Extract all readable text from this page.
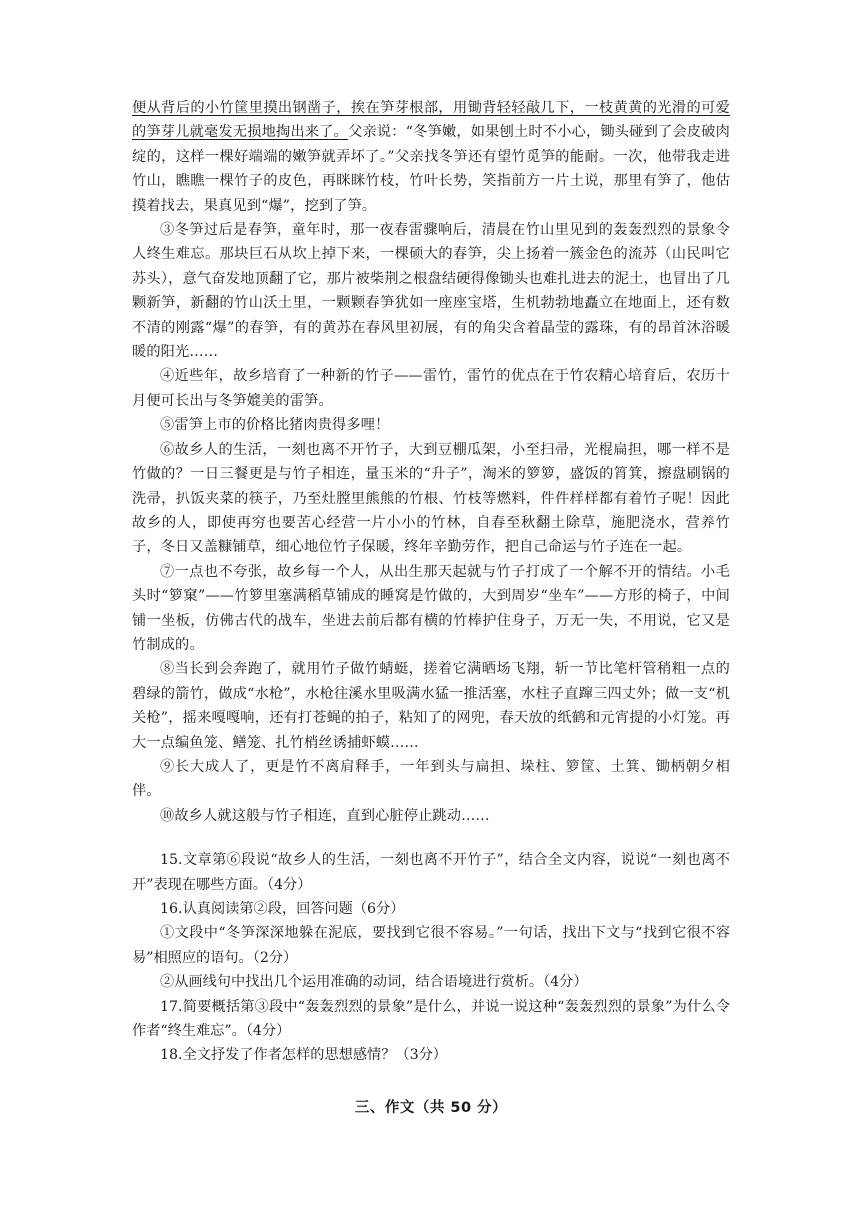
便从背后的小竹筐里摸出钢凿子，挨在笋芽根部，用锄背轻轻敲几下，一枝黄黄的光滑的可爱的笋芽儿就毫发无损地掏出来了。父亲说：“冬笋嫩，如果刨土时不小心，锄头碰到了会皮破肉绽的，这样一棵好端端的嫩笋就弄坏了。”父亲找冬笋还有望竹觅笋的能耐。一次，他带我走进竹山，瞧瞧一棵竹子的皮色，再眯眯竹枝，竹叶长势，笑指前方一片土说，那里有笋了，他估摸着找去，果真见到“爆”，挖到了笋。

③冬笋过后是春笋，童年时，那一夜春雷骤响后，清晨在竹山里见到的轰轰烈烈的景象令人终生难忘。那块巨石从坎上掉下来，一棵硕大的春笋，尖上扬着一簇金色的流苏（山民叫它苏头），意气奋发地顶翻了它，那片被柴荆之根盘结硬得像锄头也难扎进去的泥土，也冒出了几颗新笋，新翻的竹山沃土里，一颗颗春笋犹如一座座宝塔，生机勃勃地矗立在地面上，还有数不清的刚露“爆”的春笋，有的黄苏在春风里初展，有的角尖含着晶莹的露珠，有的昂首沐浴暖暖的阳光……

④近些年，故乡培育了一种新的竹子——雷竹，雷竹的优点在于竹农精心培育后，农历十月便可长出与冬笋媲美的雷笋。

⑤雷笋上市的价格比猪肉贵得多哩！

⑥故乡人的生活，一刻也离不开竹子，大到豆棚瓜架，小至扫帚，光棍扁担，哪一样不是竹做的？一日三餐更是与竹子相连，量玉米的“升子”，淘米的箩箩，盛饭的筲箕，擦盘刷锅的洗帚，扒饭夹菜的筷子，乃至灶膛里熊熊的竹根、竹枝等燃料，件件样样都有着竹子呢！因此故乡的人，即使再穷也要苦心经营一片小小的竹林，自春至秋翻土除草，施肥浇水，营养竹子，冬日又盖糠铺草，细心地位竹子保暖，终年辛勤劳作，把自己命运与竹子连在一起。

⑦一点也不夸张，故乡每一个人，从出生那天起就与竹子打成了一个解不开的情结。小毛头时“箩窠”——竹箩里塞满稻草铺成的睡窝是竹做的，大到周岁“坐车”——方形的椅子，中间铺一坐板，仿佛古代的战车，坐进去前后都有横的竹棒护住身子，万无一失，不用说，它又是竹制成的。

⑧当长到会奔跑了，就用竹子做竹蜻蜓，搓着它满晒场飞翔，斩一节比笔杆管稍粗一点的碧绿的箭竹，做成“水枪”，水枪往溪水里吸满水猛一推活塞，水柱子直蹿三四丈外；做一支“机关枪”，摇来嘎嘎响，还有打苍蝇的拍子，粘知了的网兜，春天放的纸鹤和元宵提的小灯笼。再大一点编鱼笼、鳝笼、扎竹梢丝诱捕虾蟆……

⑨长大成人了，更是竹不离肩释手，一年到头与扁担、垛柱、箩筐、土箕、锄柄朝夕相伴。

⑩故乡人就这般与竹子相连，直到心脏停止跳动……

15.文章第⑥段说“故乡人的生活，一刻也离不开竹子”，结合全文内容，说说“一刻也离不开”表现在哪些方面。（4分）

16.认真阅读第②段，回答问题（6分）

①文段中“冬笋深深地躲在泥底，要找到它很不容易。”一句话，找出下文与“找到它很不容易”相照应的语句。（2分）

②从画线句中找出几个运用准确的动词，结合语境进行赏析。（4分）

17.简要概括第③段中“轰轰烈烈的景象”是什么，并说一说这种“轰轰烈烈的景象”为什么令作者“终生难忘”。（4分）

18.全文抒发了作者怎样的思想感情？（3分）

三、作文（共 50 分）
